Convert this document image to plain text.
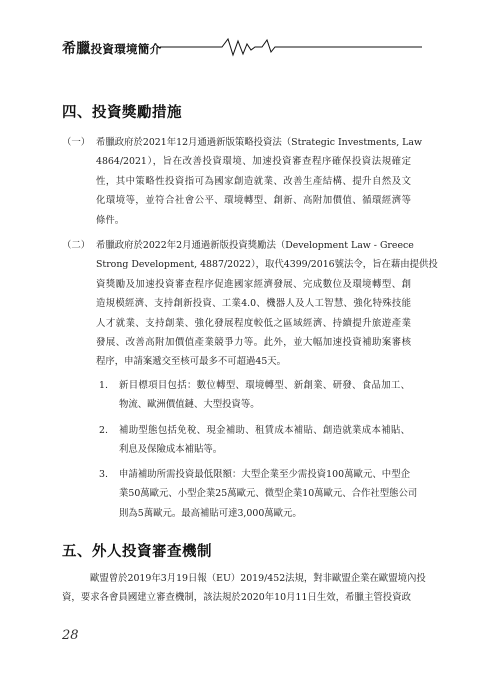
希臘投資環境簡介
四、投資獎勵措施
（一） 希臘政府於2021年12月通過新版策略投資法（Strategic Investments, Law
4864/2021），旨在改善投資環境、加速投資審查程序確保投資法規確定
性，其中策略性投資指可為國家創造就業、改善生產結構、提升自然及文
化環境等，並符合社會公平、環境轉型、創新、高附加價值、循環經濟等
條件。
（二） 希臘政府於2022年2月通過新版投資獎勵法（Development Law - Greece
Strong Development, 4887/2022），取代4399/2016號法令，旨在藉由提供投
資獎勵及加速投資審查程序促進國家經濟發展、完成數位及環境轉型、創
造規模經濟、支持創新投資、工業4.0、機器人及人工智慧、強化特殊技能
人才就業、支持創業、強化發展程度較低之區域經濟、持續提升旅遊產業
發展、改善高附加價值產業競爭力等。此外，並大幅加速投資補助案審核
程序，申請案遞交至核可最多不可超過45天。
1. 新目標項目包括：數位轉型、環境轉型、新創業、研發、食品加工、
物流、歐洲價值鏈、大型投資等。
2. 補助型態包括免稅、現金補助、租賃成本補貼、創造就業成本補貼、
利息及保險成本補貼等。
3. 申請補助所需投資最低限額：大型企業至少需投資100萬歐元、中型企
業50萬歐元、小型企業25萬歐元、微型企業10萬歐元、合作社型態公司
則為5萬歐元。最高補貼可達3,000萬歐元。
五、外人投資審查機制
歐盟曾於2019年3月19日報（EU）2019/452法規，對非歐盟企業在歐盟境內投
資，要求各會員國建立審查機制，該法規於2020年10月11日生效，希臘主管投資政
28
